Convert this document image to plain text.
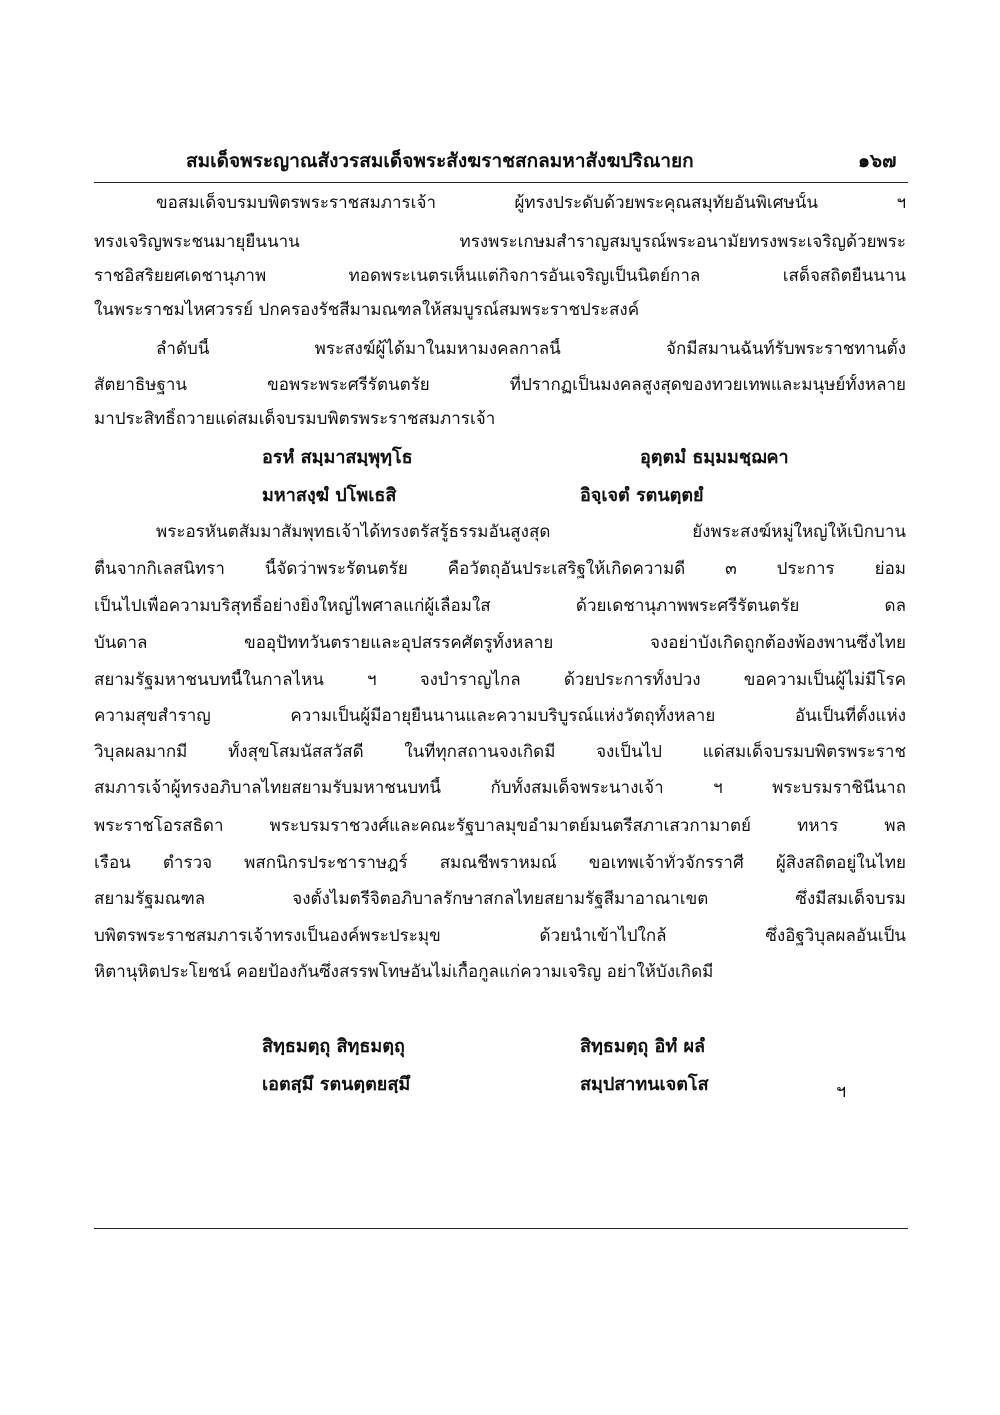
สมเด็จพระญาณสังวรสมเด็จพระสังฆราชสกลมหาสังฆปริณายก	๑๖๗
ขอสมเด็จบรมบพิตรพระราชสมภารเจ้า ผู้ทรงประดับด้วยพระคุณสมุทัยอันพิเศษนั้น ฯ
ทรงเจริญพระชนมายุยืนนาน ทรงพระเกษมสำราญสมบูรณ์พระอนามัยทรงพระเจริญด้วยพระ
ราชอิสริยยศเดชานุภาพ ทอดพระเนตรเห็นแต่กิจการอันเจริญเป็นนิตย์กาล เสด็จสถิตยืนนาน
ในพระราชมไหศวรรย์ ปกครองรัชสีมามณฑลให้สมบูรณ์สมพระราชประสงค์
ลำดับนี้ พระสงฆ์ผู้ได้มาในมหามงคลกาลนี้ จักมีสมานฉันท์รับพระราชทานตั้ง
สัตยาธิษฐาน ขอพระพระศรีรัตนตรัย ที่ปรากฏเป็นมงคลสูงสุดของทวยเทพและมนุษย์ทั้งหลาย
มาประสิทธิ์ถวายแด่สมเด็จบรมบพิตรพระราชสมภารเจ้า
อรหํ สมฺมาสมฺพุทฺโธ	อุตฺตมํ ธมฺมมชฺฌคา
มหาสงฺฆํ ปโพเธสิ	อิจฺเจตํ รตนตฺตยํ
พระอรหันตสัมมาสัมพุทธเจ้าได้ทรงตรัสรู้ธรรมอันสูงสุด ยังพระสงฆ์หมู่ใหญ่ให้เบิกบาน
ตื่นจากกิเลสนิทรา นี้จัดว่าพระรัตนตรัย คือวัตถุอันประเสริฐให้เกิดความดี ๓ ประการ ย่อม
เป็นไปเพื่อความบริสุทธิ์อย่างยิ่งใหญ่ไพศาลแก่ผู้เลื่อมใส ด้วยเดชานุภาพพระศรีรัตนตรัย ดล
บันดาล ขออุปัททวันตรายและอุปสรรคศัตรูทั้งหลาย จงอย่าบังเกิดถูกต้องพ้องพานซึ่งไทย
สยามรัฐมหาชนบทนี้ในกาลไหน ฯ จงบำราญไกล ด้วยประการทั้งปวง ขอความเป็นผู้ไม่มีโรค
ความสุขสำราญ ความเป็นผู้มีอายุยืนนานและความบริบูรณ์แห่งวัตถุทั้งหลาย อันเป็นที่ตั้งแห่ง
วิบุลผลมากมี ทั้งสุขโสมนัสสวัสดี ในที่ทุกสถานจงเกิดมี จงเป็นไป แด่สมเด็จบรมบพิตรพระราช
สมภารเจ้าผู้ทรงอภิบาลไทยสยามรับมหาชนบทนี้ กับทั้งสมเด็จพระนางเจ้า ฯ พระบรมราชินีนาถ
พระราชโอรสธิดา พระบรมราชวงศ์และคณะรัฐบาลมุขอำมาตย์มนตรีสภาเสวกามาตย์ ทหาร พล
เรือน ตำรวจ พสกนิกรประชาราษฎร์ สมณชีพราหมณ์ ขอเทพเจ้าทั่วจักรราศี ผู้สิงสถิตอยู่ในไทย
สยามรัฐมณฑล จงตั้งไมตรีจิตอภิบาลรักษาสกลไทยสยามรัฐสีมาอาณาเขต ซึ่งมีสมเด็จบรม
บพิตรพระราชสมภารเจ้าทรงเป็นองค์พระประมุข ด้วยนำเข้าไปใกล้ ซึ่งอิฐวิบุลผลอันเป็น
หิตานุหิตประโยชน์ คอยป้องกันซึ่งสรรพโทษอันไม่เกื้อกูลแก่ความเจริญ อย่าให้บังเกิดมี
สิทฺธมตฺถุ สิทฺธมตฺถุ	สิทฺธมตฺถุ อิทํ ผลํ
เอตสฺมึ รตนตฺตยสฺมึ	สมฺปสาทนเจตโส	ฯ
